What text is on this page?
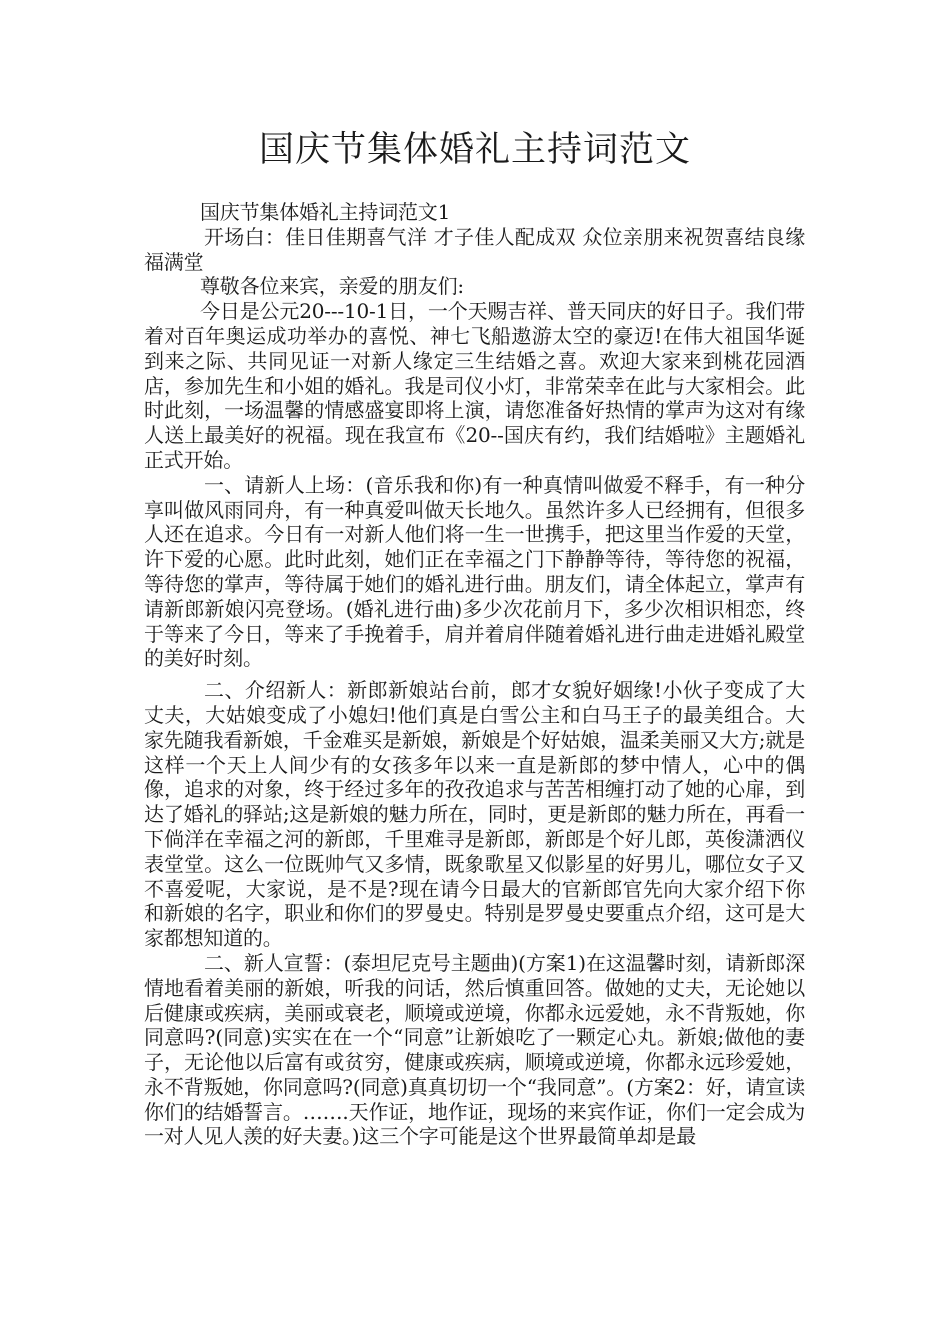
国庆节集体婚礼主持词范文

国庆节集体婚礼主持词范文1

开场白：佳日佳期喜气洋 才子佳人配成双 众位亲朋来祝贺喜结良缘福满堂

尊敬各位来宾，亲爱的朋友们:

今日是公元20---10-1日，一个天赐吉祥、普天同庆的好日子。我们带着对百年奥运成功举办的喜悦、神七飞船遨游太空的豪迈!在伟大祖国华诞到来之际、共同见证一对新人缘定三生结婚之喜。欢迎大家来到桃花园酒店，参加先生和小姐的婚礼。我是司仪小灯，非常荣幸在此与大家相会。此时此刻，一场温馨的情感盛宴即将上演，请您准备好热情的掌声为这对有缘人送上最美好的祝福。现在我宣布《20--国庆有约，我们结婚啦》主题婚礼正式开始。

一、请新人上场：(音乐我和你)有一种真情叫做爱不释手，有一种分享叫做风雨同舟，有一种真爱叫做天长地久。虽然许多人已经拥有，但很多人还在追求。今日有一对新人他们将一生一世携手，把这里当作爱的天堂，许下爱的心愿。此时此刻，她们正在幸福之门下静静等待，等待您的祝福，等待您的掌声，等待属于她们的婚礼进行曲。朋友们，请全体起立，掌声有请新郎新娘闪亮登场。(婚礼进行曲)多少次花前月下，多少次相识相恋，终于等来了今日，等来了手挽着手，肩并着肩伴随着婚礼进行曲走进婚礼殿堂的美好时刻。

二、介绍新人：新郎新娘站台前，郎才女貌好姻缘!小伙子变成了大丈夫，大姑娘变成了小媳妇!他们真是白雪公主和白马王子的最美组合。大家先随我看新娘，千金难买是新娘，新娘是个好姑娘，温柔美丽又大方;就是这样一个天上人间少有的女孩多年以来一直是新郎的梦中情人，心中的偶像，追求的对象，终于经过多年的孜孜追求与苦苦相缠打动了她的心扉，到达了婚礼的驿站;这是新娘的魅力所在，同时，更是新郎的魅力所在，再看一下倘洋在幸福之河的新郎，千里难寻是新郎，新郎是个好儿郎，英俊潇洒仪表堂堂。这么一位既帅气又多情，既象歌星又似影星的好男儿，哪位女子又不喜爱呢，大家说，是不是?现在请今日最大的官新郎官先向大家介绍下你和新娘的名字，职业和你们的罗曼史。特别是罗曼史要重点介绍，这可是大家都想知道的。

二、新人宣誓：(泰坦尼克号主题曲)(方案1)在这温馨时刻，请新郎深情地看着美丽的新娘，听我的问话，然后慎重回答。做她的丈夫，无论她以后健康或疾病，美丽或衰老，顺境或逆境，你都永远爱她，永不背叛她，你同意吗?(同意)实实在在一个“同意”让新娘吃了一颗定心丸。新娘;做他的妻子，无论他以后富有或贫穷，健康或疾病，顺境或逆境，你都永远珍爱她，永不背叛她，你同意吗?(同意)真真切切一个“我同意”。(方案2：好，请宣读你们的结婚誓言。…….天作证，地作证，现场的来宾作证，你们一定会成为一对人见人羡的好夫妻。)这三个字可能是这个世界最简单却是最
